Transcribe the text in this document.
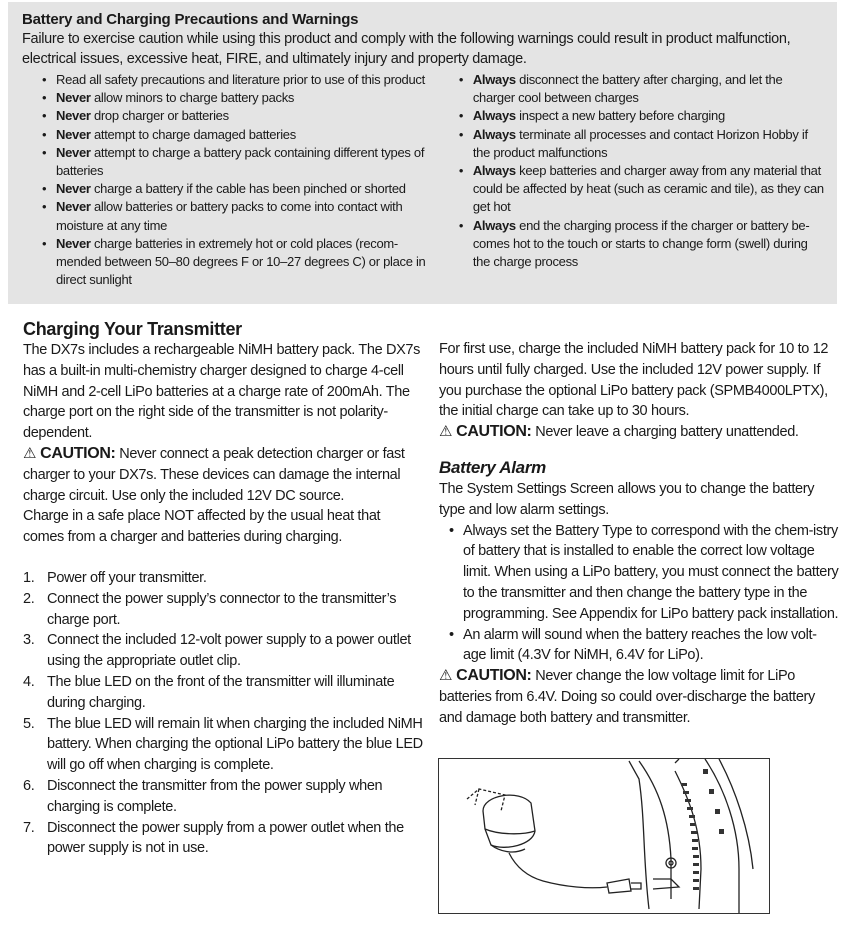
Battery and Charging Precautions and Warnings
Failure to exercise caution while using this product and comply with the following warnings could result in product malfunction, electrical issues, excessive heat, FIRE, and ultimately injury and property damage.
• Read all safety precautions and literature prior to use of this product
• Never allow minors to charge battery packs
• Never drop charger or batteries
• Never attempt to charge damaged batteries
• Never attempt to charge a battery pack containing different types of batteries
• Never charge a battery if the cable has been pinched or shorted
• Never allow batteries or battery packs to come into contact with moisture at any time
• Never charge batteries in extremely hot or cold places (recom-mended between 50–80 degrees F or 10–27 degrees C) or place in direct sunlight
• Always disconnect the battery after charging, and let the charger cool between charges
• Always inspect a new battery before charging
• Always terminate all processes and contact Horizon Hobby if the product malfunctions
• Always keep batteries and charger away from any material that could be affected by heat (such as ceramic and tile), as they can get hot
• Always end the charging process if the charger or battery be-comes hot to the touch or starts to change form (swell) during the charge process
Charging Your Transmitter

The DX7s includes a rechargeable NiMH battery pack. The DX7s has a built-in multi-chemistry charger designed to charge 4-cell NiMH and 2-cell LiPo batteries at a charge rate of 200mAh. The charge port on the right side of the transmitter is not polarity-dependent.

⚠ CAUTION: Never connect a peak detection charger or fast charger to your DX7s. These devices can damage the internal charge circuit. Use only the included 12V DC source.

Charge in a safe place NOT affected by the usual heat that comes from a charger and batteries during charging.

1. Power off your transmitter.
2. Connect the power supply’s connector to the transmitter’s charge port.
3. Connect the included 12-volt power supply to a power outlet using the appropriate outlet clip.
4. The blue LED on the front of the transmitter will illuminate during charging.
5. The blue LED will remain lit when charging the included NiMH battery. When charging the optional LiPo battery the blue LED will go off when charging is complete.
6. Disconnect the transmitter from the power supply when charging is complete.
7. Disconnect the power supply from a power outlet when the power supply is not in use.

For first use, charge the included NiMH battery pack for 10 to 12 hours until fully charged. Use the included 12V power supply. If you purchase the optional LiPo battery pack (SPMB4000LPTX), the initial charge can take up to 30 hours.

⚠ CAUTION: Never leave a charging battery unattended.

Battery Alarm

The System Settings Screen allows you to change the battery type and low alarm settings.

• Always set the Battery Type to correspond with the chem-istry of battery that is installed to enable the correct low voltage limit. When using a LiPo battery, you must connect the battery to the transmitter and then change the battery type in the programming. See Appendix for LiPo battery pack installation.
• An alarm will sound when the battery reaches the low volt-age limit (4.3V for NiMH, 6.4V for LiPo).

⚠ CAUTION: Never change the low voltage limit for LiPo batteries from 6.4V. Doing so could over-discharge the battery and damage both battery and transmitter.
